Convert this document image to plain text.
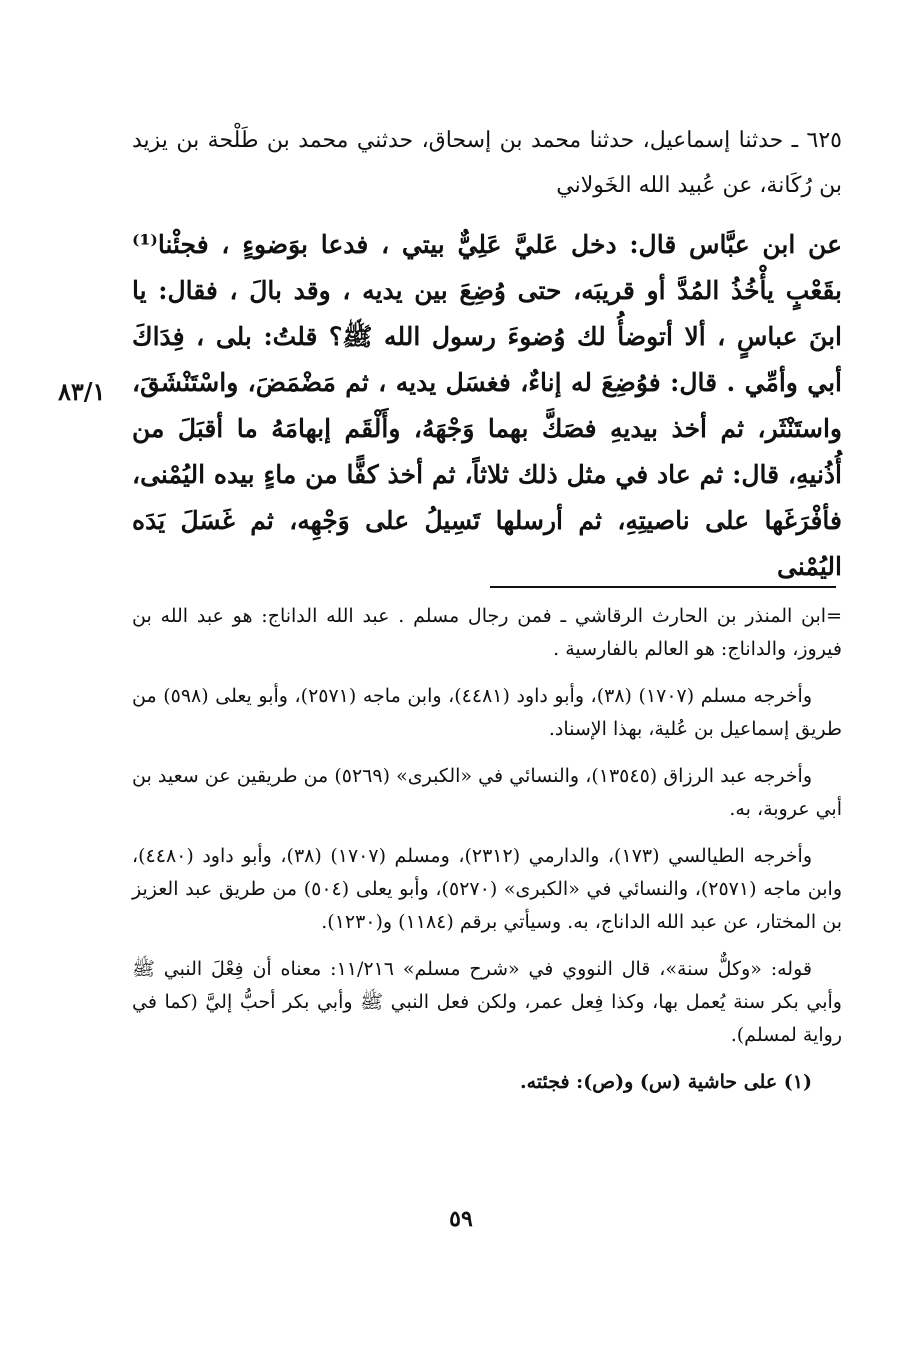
٨٣/١
٦٢٥ ـ حدثنا إسماعيل، حدثنا محمد بن إسحاق، حدثني محمد بن طَلْحة بن يزيد بن رُكَانة، عن عُبيد الله الخَولاني
عن ابن عبَّاس قال: دخل عَليَّ عَلِيٌّ بيتي ، فدعا بوَضوءٍ ، فجئْنا⁽¹⁾ بقَعْبٍ يأْخُذُ المُدَّ أو قريبَه، حتى وُضِعَ بين يديه ، وقد بالَ ، فقال: يا ابنَ عباسٍ ، ألا أتوضأُ لك وُضوءَ رسول الله ﷺ؟ قلتُ: بلى ، فِدَاكَ أبي وأمِّي . قال: فوُضِعَ له إناءٌ، فغسَل يديه ، ثم مَضْمَضَ، واسْتَنْشَقَ، واستَنْثَر، ثم أخذ بيديهِ فصَكَّ بهما وَجْهَهُ، وأَلْقَم إبهامَهُ ما أقبَلَ من أُذُنيهِ، قال: ثم عاد في مثل ذلك ثلاثاً، ثم أخذ كفًّا من ماءٍ بيده اليُمْنى، فأفْرَغَها على ناصيتِهِ، ثم أرسلها تَسِيلُ على وَجْهِه، ثم غَسَلَ يَدَه اليُمْنى

=ابن المنذر بن الحارث الرقاشي ـ فمن رجال مسلم . عبد الله الداناج: هو عبد الله بن فيروز، والداناج: هو العالم بالفارسية .

وأخرجه مسلم (١٧٠٧) (٣٨)، وأبو داود (٤٤٨١)، وابن ماجه (٢٥٧١)، وأبو يعلى (٥٩٨) من طريق إسماعيل بن عُلية، بهذا الإسناد.

وأخرجه عبد الرزاق (١٣٥٤٥)، والنسائي في «الكبرى» (٥٢٦٩) من طريقين عن سعيد بن أبي عروبة، به.

وأخرجه الطيالسي (١٧٣)، والدارمي (٢٣١٢)، ومسلم (١٧٠٧) (٣٨)، وأبو داود (٤٤٨٠)، وابن ماجه (٢٥٧١)، والنسائي في «الكبرى» (٥٢٧٠)، وأبو يعلى (٥٠٤) من طريق عبد العزيز بن المختار، عن عبد الله الداناج، به. وسيأتي برقم (١١٨٤) و(١٢٣٠).

قوله: «وكلٌّ سنة»، قال النووي في «شرح مسلم» ١١/٢١٦: معناه أن فِعْلَ النبي ﷺ وأبي بكر سنة يُعمل بها، وكذا فِعل عمر، ولكن فعل النبي ﷺ وأبي بكر أحبُّ إليَّ (كما في رواية لمسلم).

(١) على حاشية (س) و(ص): فجئته.

٥٩
